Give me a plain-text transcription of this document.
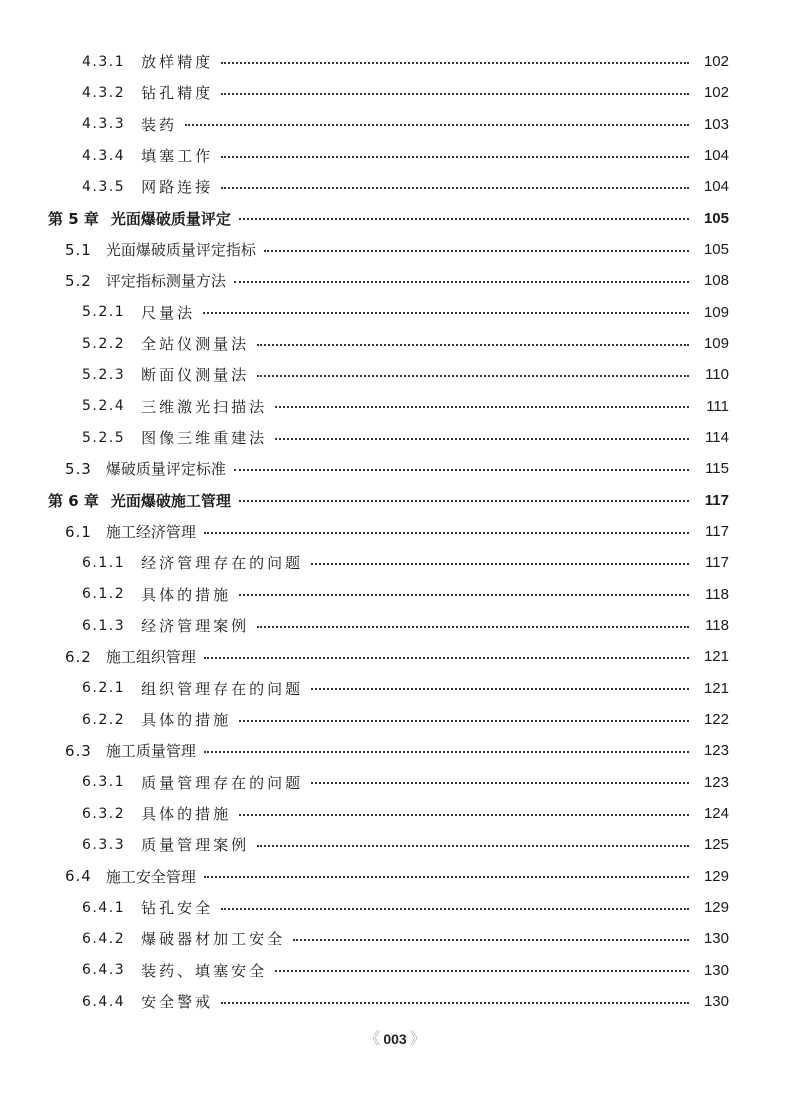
4.3.1 放样精度	102
4.3.2 钻孔精度	102
4.3.3 装药	103
4.3.4 填塞工作	104
4.3.5 网路连接	104
第 5 章 光面爆破质量评定	105
5.1 光面爆破质量评定指标	105
5.2 评定指标测量方法	108
5.2.1 尺量法	109
5.2.2 全站仪测量法	109
5.2.3 断面仪测量法	110
5.2.4 三维激光扫描法	111
5.2.5 图像三维重建法	114
5.3 爆破质量评定标准	115
第 6 章 光面爆破施工管理	117
6.1 施工经济管理	117
6.1.1 经济管理存在的问题	117
6.1.2 具体的措施	118
6.1.3 经济管理案例	118
6.2 施工组织管理	121
6.2.1 组织管理存在的问题	121
6.2.2 具体的措施	122
6.3 施工质量管理	123
6.3.1 质量管理存在的问题	123
6.3.2 具体的措施	124
6.3.3 质量管理案例	125
6.4 施工安全管理	129
6.4.1 钻孔安全	129
6.4.2 爆破器材加工安全	130
6.4.3 装药、填塞安全	130
6.4.4 安全警戒	130
《 003 》
